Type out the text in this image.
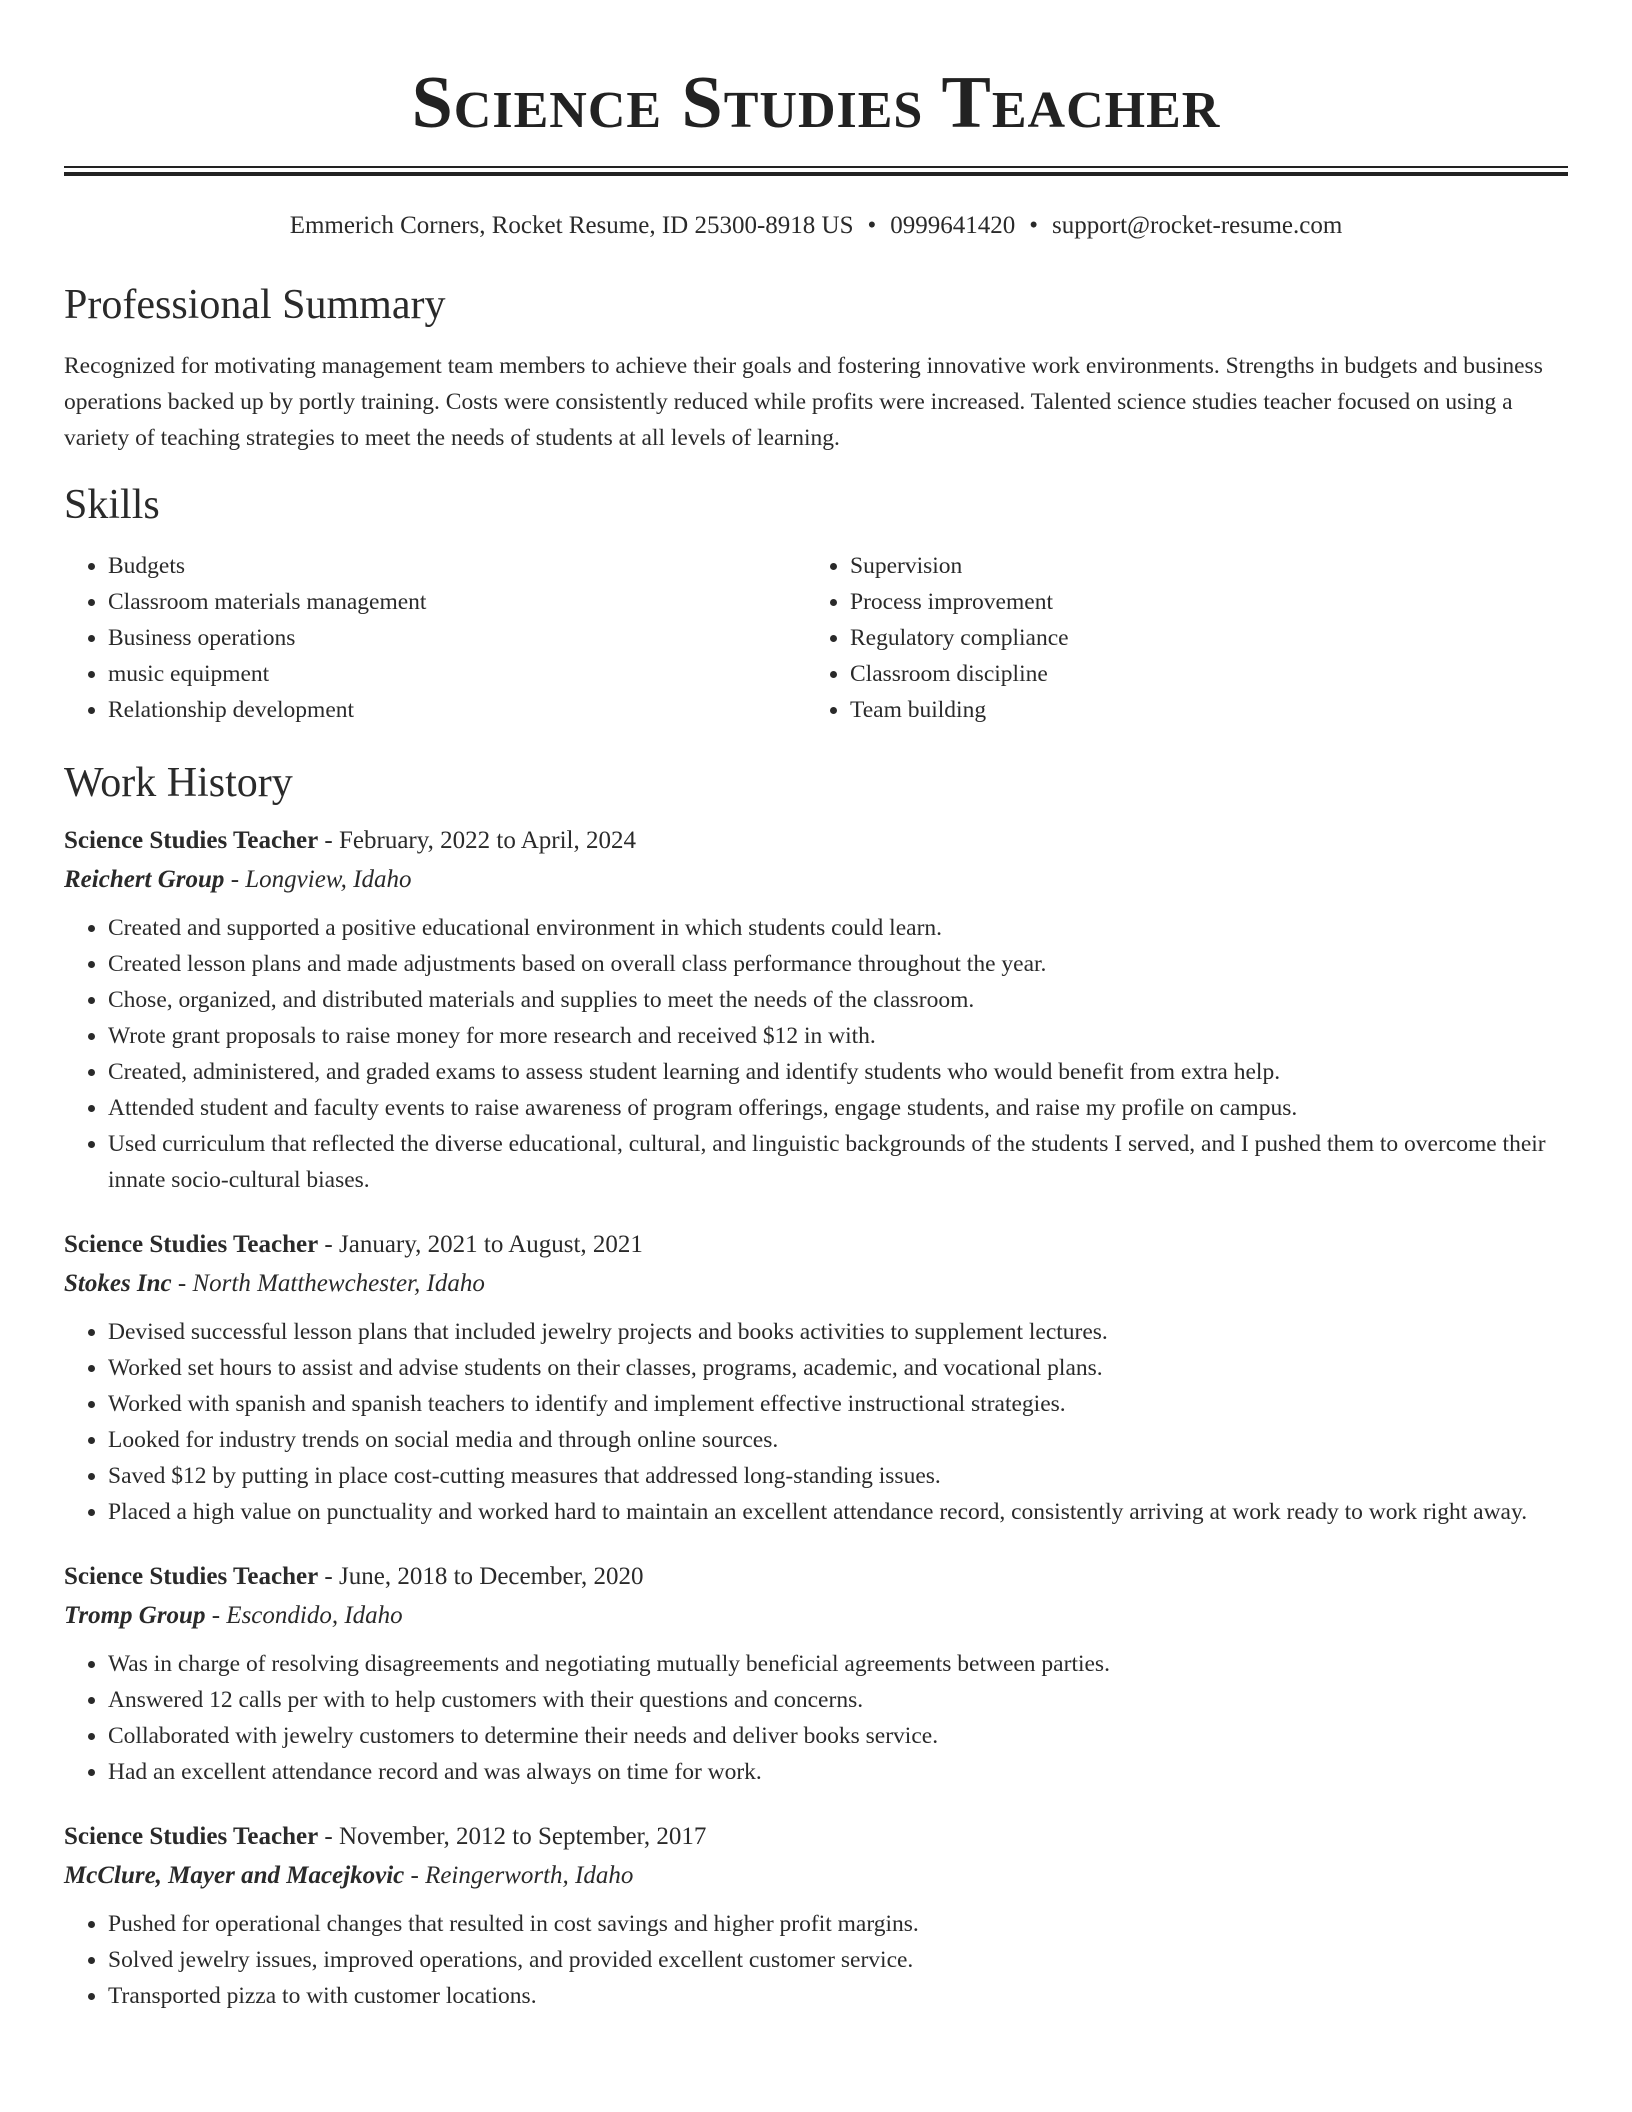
Science Studies Teacher
Emmerich Corners, Rocket Resume, ID 25300-8918 US • 0999641420 • support@rocket-resume.com
Professional Summary
Recognized for motivating management team members to achieve their goals and fostering innovative work environments. Strengths in budgets and business operations backed up by portly training. Costs were consistently reduced while profits were increased. Talented science studies teacher focused on using a variety of teaching strategies to meet the needs of students at all levels of learning.
Skills
• Budgets
• Classroom materials management
• Business operations
• music equipment
• Relationship development
• Supervision
• Process improvement
• Regulatory compliance
• Classroom discipline
• Team building
Work History
Science Studies Teacher - February, 2022 to April, 2024
Reichert Group - Longview, Idaho
• Created and supported a positive educational environment in which students could learn.
• Created lesson plans and made adjustments based on overall class performance throughout the year.
• Chose, organized, and distributed materials and supplies to meet the needs of the classroom.
• Wrote grant proposals to raise money for more research and received $12 in with.
• Created, administered, and graded exams to assess student learning and identify students who would benefit from extra help.
• Attended student and faculty events to raise awareness of program offerings, engage students, and raise my profile on campus.
• Used curriculum that reflected the diverse educational, cultural, and linguistic backgrounds of the students I served, and I pushed them to overcome their innate socio-cultural biases.
Science Studies Teacher - January, 2021 to August, 2021
Stokes Inc - North Matthewchester, Idaho
• Devised successful lesson plans that included jewelry projects and books activities to supplement lectures.
• Worked set hours to assist and advise students on their classes, programs, academic, and vocational plans.
• Worked with spanish and spanish teachers to identify and implement effective instructional strategies.
• Looked for industry trends on social media and through online sources.
• Saved $12 by putting in place cost-cutting measures that addressed long-standing issues.
• Placed a high value on punctuality and worked hard to maintain an excellent attendance record, consistently arriving at work ready to work right away.
Science Studies Teacher - June, 2018 to December, 2020
Tromp Group - Escondido, Idaho
• Was in charge of resolving disagreements and negotiating mutually beneficial agreements between parties.
• Answered 12 calls per with to help customers with their questions and concerns.
• Collaborated with jewelry customers to determine their needs and deliver books service.
• Had an excellent attendance record and was always on time for work.
Science Studies Teacher - November, 2012 to September, 2017
McClure, Mayer and Macejkovic - Reingerworth, Idaho
• Pushed for operational changes that resulted in cost savings and higher profit margins.
• Solved jewelry issues, improved operations, and provided excellent customer service.
• Transported pizza to with customer locations.
